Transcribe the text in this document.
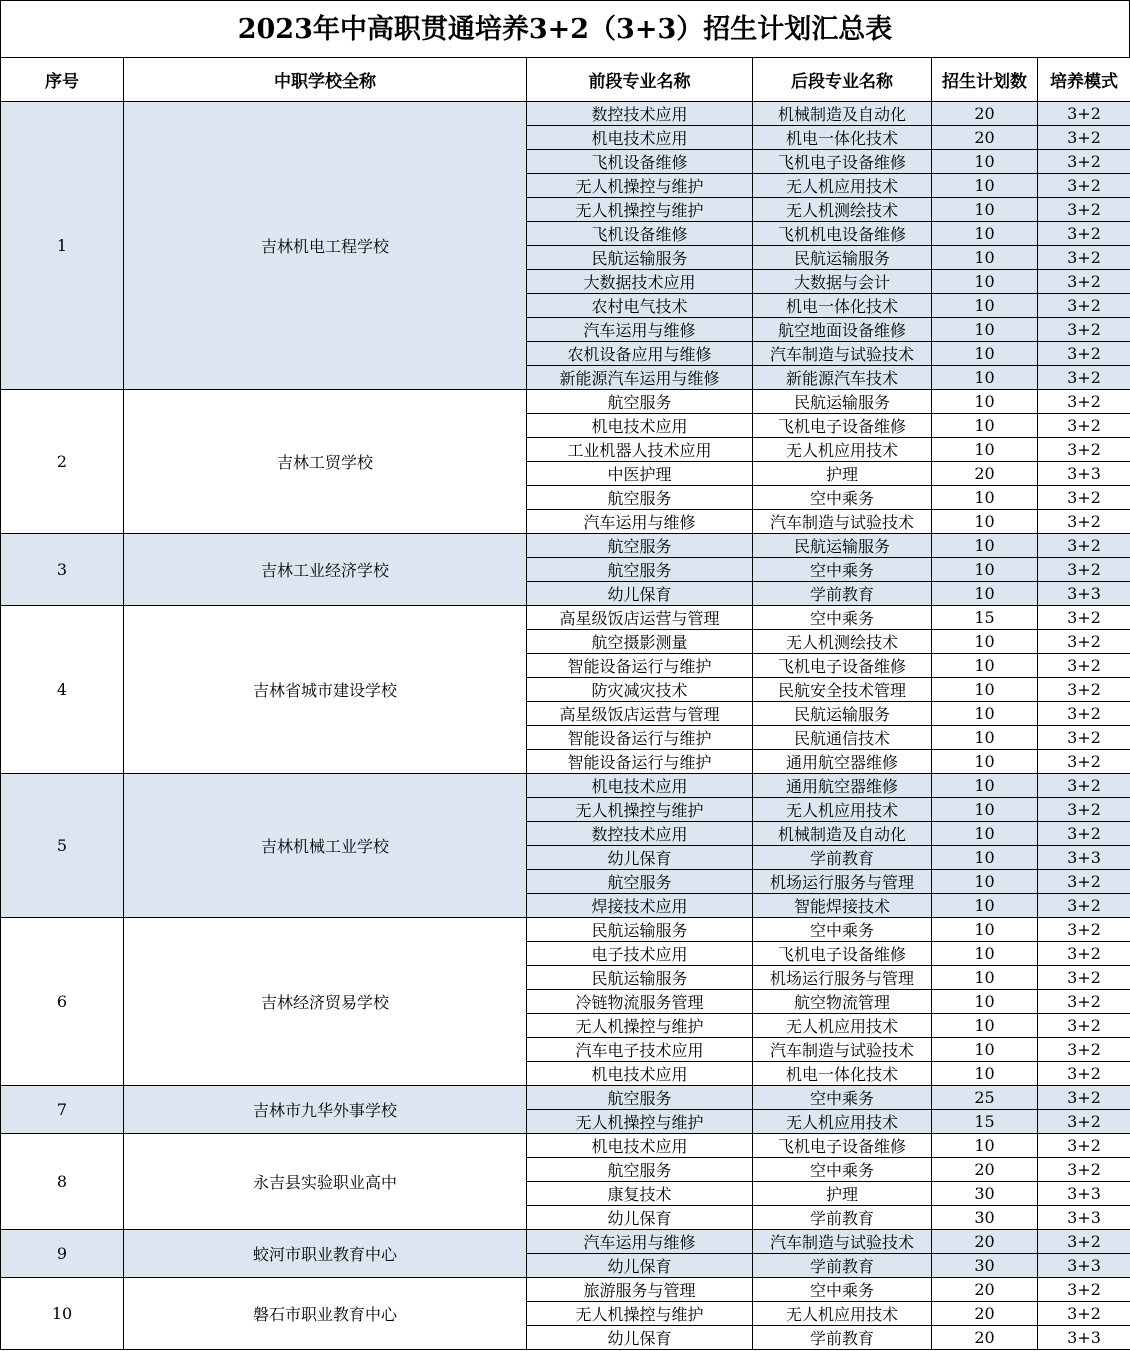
2023年中高职贯通培养3+2（3+3）招生计划汇总表
序号	中职学校全称	前段专业名称	后段专业名称	招生计划数	培养模式
1	吉林机电工程学校	数控技术应用	机械制造及自动化	20	3+2
		机电技术应用	机电一体化技术	20	3+2
		飞机设备维修	飞机电子设备维修	10	3+2
		无人机操控与维护	无人机应用技术	10	3+2
		无人机操控与维护	无人机测绘技术	10	3+2
		飞机设备维修	飞机机电设备维修	10	3+2
		民航运输服务	民航运输服务	10	3+2
		大数据技术应用	大数据与会计	10	3+2
		农村电气技术	机电一体化技术	10	3+2
		汽车运用与维修	航空地面设备维修	10	3+2
		农机设备应用与维修	汽车制造与试验技术	10	3+2
		新能源汽车运用与维修	新能源汽车技术	10	3+2
2	吉林工贸学校	航空服务	民航运输服务	10	3+2
		机电技术应用	飞机电子设备维修	10	3+2
		工业机器人技术应用	无人机应用技术	10	3+2
		中医护理	护理	20	3+3
		航空服务	空中乘务	10	3+2
		汽车运用与维修	汽车制造与试验技术	10	3+2
3	吉林工业经济学校	航空服务	民航运输服务	10	3+2
		航空服务	空中乘务	10	3+2
		幼儿保育	学前教育	10	3+3
4	吉林省城市建设学校	高星级饭店运营与管理	空中乘务	15	3+2
		航空摄影测量	无人机测绘技术	10	3+2
		智能设备运行与维护	飞机电子设备维修	10	3+2
		防灾减灾技术	民航安全技术管理	10	3+2
		高星级饭店运营与管理	民航运输服务	10	3+2
		智能设备运行与维护	民航通信技术	10	3+2
		智能设备运行与维护	通用航空器维修	10	3+2
5	吉林机械工业学校	机电技术应用	通用航空器维修	10	3+2
		无人机操控与维护	无人机应用技术	10	3+2
		数控技术应用	机械制造及自动化	10	3+2
		幼儿保育	学前教育	10	3+3
		航空服务	机场运行服务与管理	10	3+2
		焊接技术应用	智能焊接技术	10	3+2
6	吉林经济贸易学校	民航运输服务	空中乘务	10	3+2
		电子技术应用	飞机电子设备维修	10	3+2
		民航运输服务	机场运行服务与管理	10	3+2
		冷链物流服务管理	航空物流管理	10	3+2
		无人机操控与维护	无人机应用技术	10	3+2
		汽车电子技术应用	汽车制造与试验技术	10	3+2
		机电技术应用	机电一体化技术	10	3+2
7	吉林市九华外事学校	航空服务	空中乘务	25	3+2
		无人机操控与维护	无人机应用技术	15	3+2
8	永吉县实验职业高中	机电技术应用	飞机电子设备维修	10	3+2
		航空服务	空中乘务	20	3+2
		康复技术	护理	30	3+3
		幼儿保育	学前教育	30	3+3
9	蛟河市职业教育中心	汽车运用与维修	汽车制造与试验技术	20	3+2
		幼儿保育	学前教育	30	3+3
10	磐石市职业教育中心	旅游服务与管理	空中乘务	20	3+2
		无人机操控与维护	无人机应用技术	20	3+2
		幼儿保育	学前教育	20	3+3
